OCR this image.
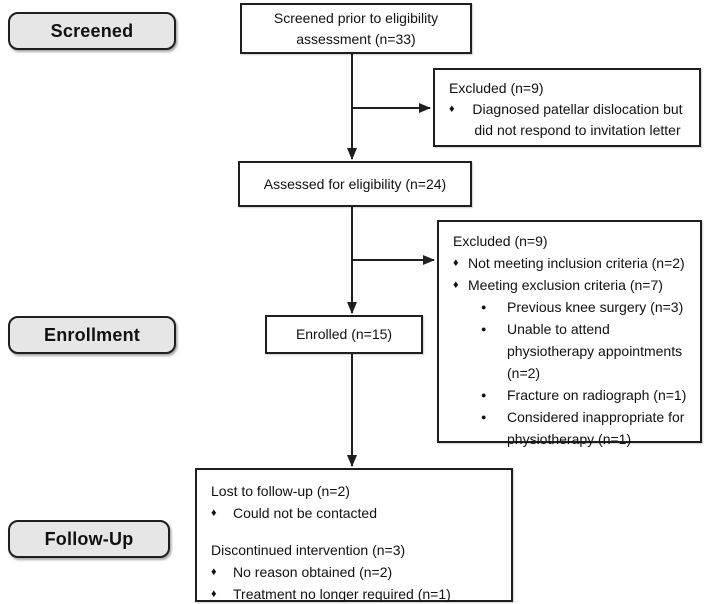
Screened
Enrollment
Follow-Up
Screened prior to eligibility assessment (n=33)
Excluded (n=9)
♦	Diagnosed patellar dislocation but did not respond to invitation letter
Assessed for eligibility (n=24)
Excluded (n=9)
♦ Not meeting inclusion criteria (n=2)
♦ Meeting exclusion criteria (n=7)
●	Previous knee surgery (n=3)
●	Unable to attend physiotherapy appointments (n=2)
●	Fracture on radiograph (n=1)
●	Considered inappropriate for physiotherapy (n=1)
Enrolled (n=15)
Lost to follow-up (n=2)
♦	Could not be contacted
Discontinued intervention (n=3)
♦	No reason obtained (n=2)
♦	Treatment no longer required (n=1)
